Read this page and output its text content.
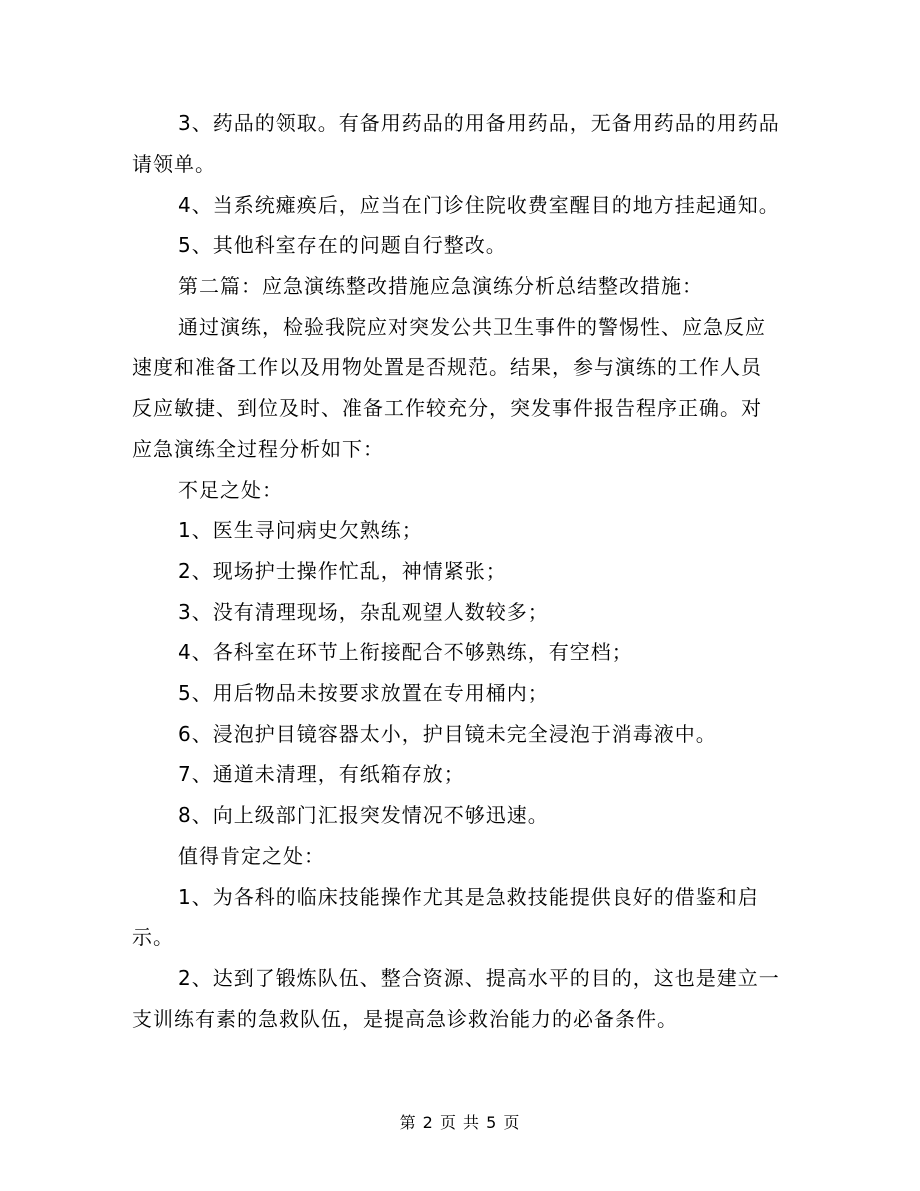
3、药品的领取。有备用药品的用备用药品，无备用药品的用药品
请领单。
4、当系统瘫痪后，应当在门诊住院收费室醒目的地方挂起通知。
5、其他科室存在的问题自行整改。
第二篇：应急演练整改措施应急演练分析总结整改措施：
通过演练，检验我院应对突发公共卫生事件的警惕性、应急反应
速度和准备工作以及用物处置是否规范。结果，参与演练的工作人员
反应敏捷、到位及时、准备工作较充分，突发事件报告程序正确。对
应急演练全过程分析如下：
不足之处：
1、医生寻问病史欠熟练；
2、现场护士操作忙乱，神情紧张；
3、没有清理现场，杂乱观望人数较多；
4、各科室在环节上衔接配合不够熟练，有空档；
5、用后物品未按要求放置在专用桶内；
6、浸泡护目镜容器太小，护目镜未完全浸泡于消毒液中。
7、通道未清理，有纸箱存放；
8、向上级部门汇报突发情况不够迅速。
值得肯定之处：
1、为各科的临床技能操作尤其是急救技能提供良好的借鉴和启
示。
2、达到了锻炼队伍、整合资源、提高水平的目的，这也是建立一
支训练有素的急救队伍，是提高急诊救治能力的必备条件。
第 2 页 共 5 页
